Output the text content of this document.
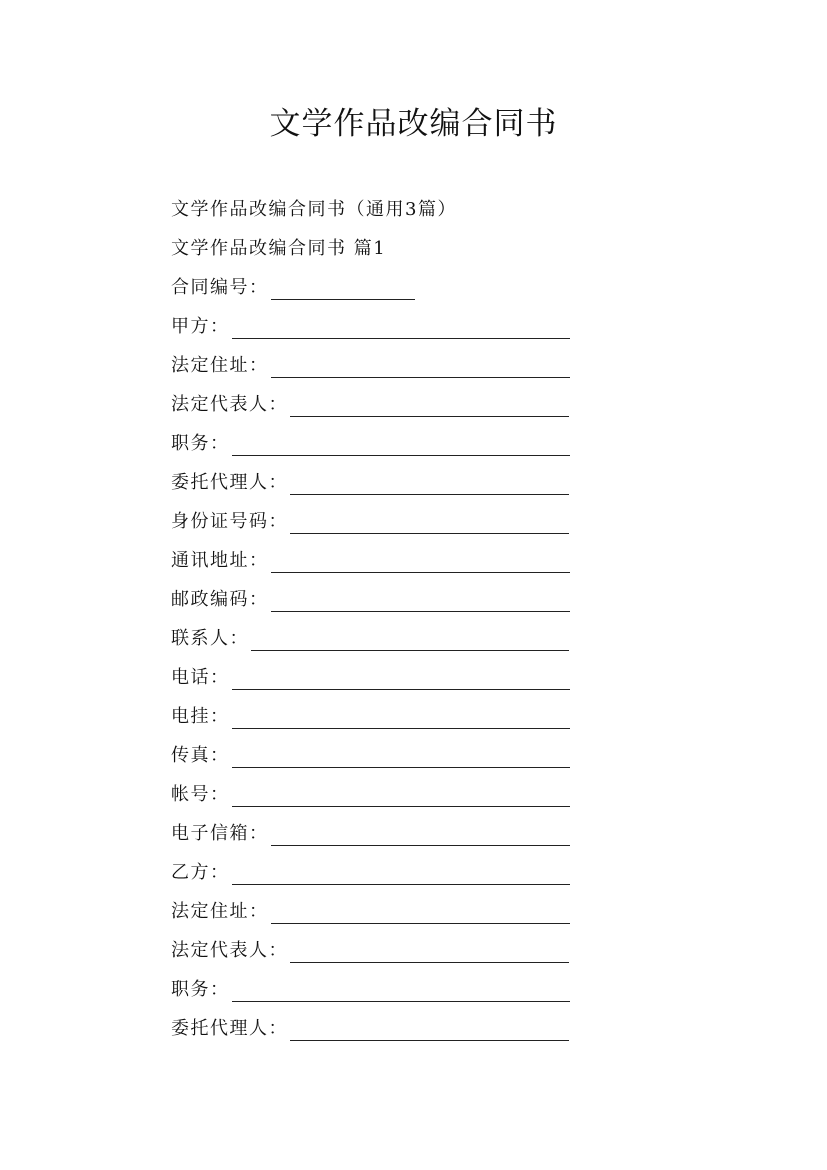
文学作品改编合同书
文学作品改编合同书（通用3篇）
文学作品改编合同书 篇1
合同编号：
甲方：
法定住址：
法定代表人：
职务：
委托代理人：
身份证号码：
通讯地址：
邮政编码：
联系人：
电话：
电挂：
传真：
帐号：
电子信箱：
乙方：
法定住址：
法定代表人：
职务：
委托代理人：
